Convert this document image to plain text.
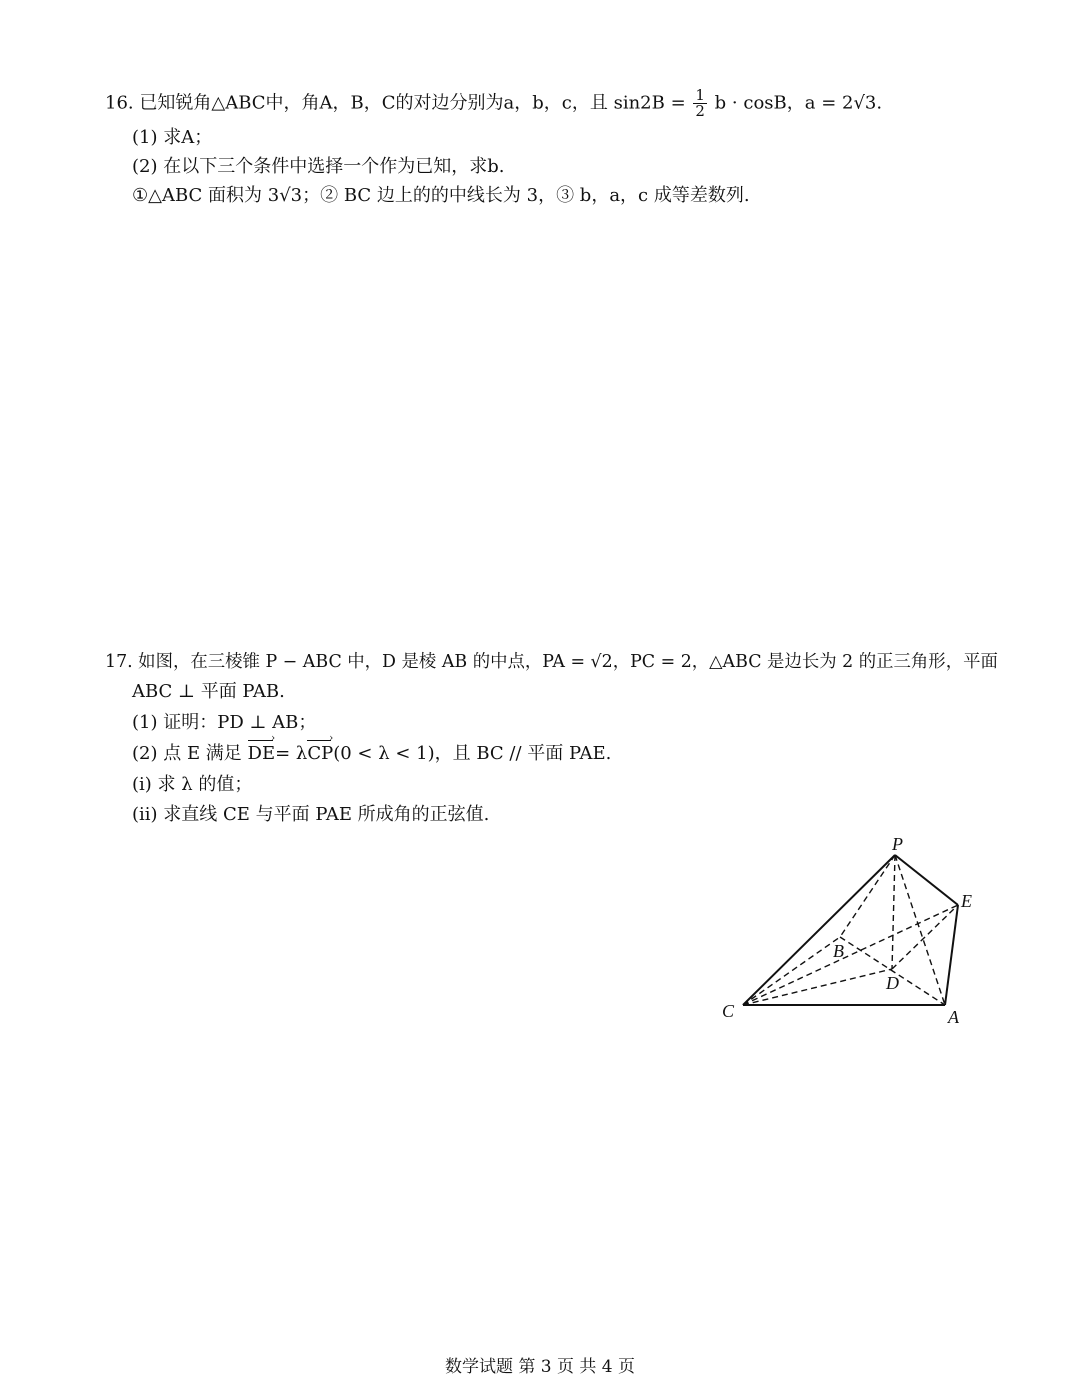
16. 已知锐角△ABC中，角A，B，C的对边分别为a，b，c，且 $\sin 2B = \frac{1}{2}$ b · cosB，a = 2√3.
(1) 求A；
(2) 在以下三个条件中选择一个作为已知，求b.
①△ABC 面积为 3√3；② BC 边上的的中线长为 3，③ b，a，c 成等差数列.
17. 如图，在三棱锥 P − ABC 中，D 是棱 AB 的中点，PA = √2，PC = 2，△ABC 是边长为 2 的正三角形，平面
ABC ⊥ 平面 PAB.
(1) 证明：PD ⊥ AB；
(2) 点 E 满足
›
DE= λ
›
CP(0 < λ < 1)，且 BC // 平面 PAE.
(i) 求 λ 的值；
(ii) 求直线 CE 与平面 PAE 所成角的正弦值.
P
E
B
D
C	A
数学试题 第 3 页 共 4 页
